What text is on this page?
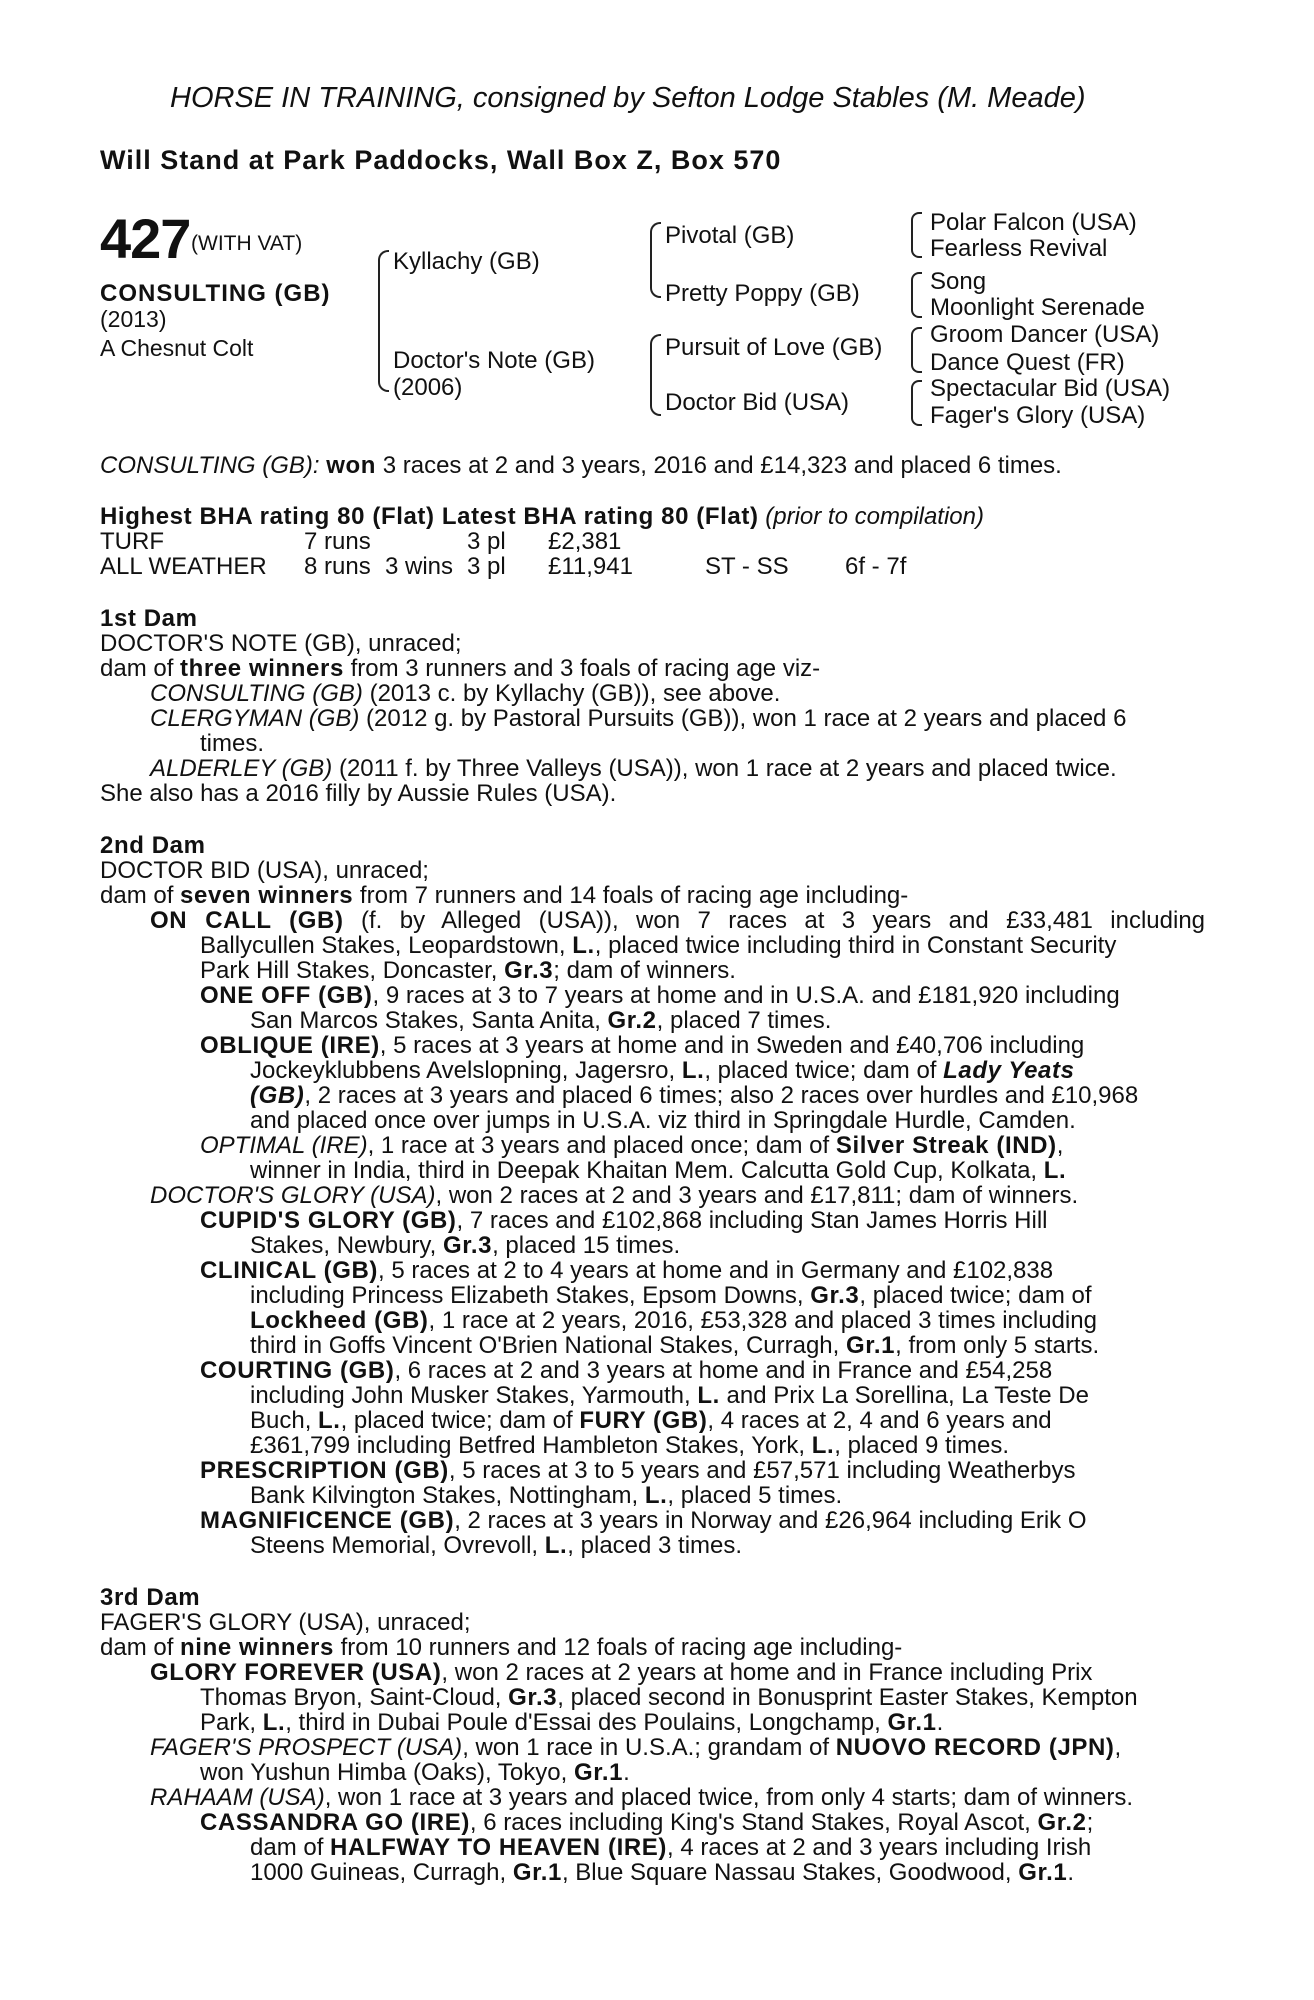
HORSE IN TRAINING, consigned by Sefton Lodge Stables (M. Meade)
Will Stand at Park Paddocks, Wall Box Z, Box 570
427 (WITH VAT)
CONSULTING (GB)
(2013)
A Chesnut Colt
Kyllachy (GB)
Doctor's Note (GB)
(2006)
Pivotal (GB)
Pretty Poppy (GB)
Pursuit of Love (GB)
Doctor Bid (USA)
Polar Falcon (USA)
Fearless Revival
Song
Moonlight Serenade
Groom Dancer (USA)
Dance Quest (FR)
Spectacular Bid (USA)
Fager's Glory (USA)
CONSULTING (GB): won 3 races at 2 and 3 years, 2016 and £14,323 and placed 6 times.
Highest BHA rating 80 (Flat) Latest BHA rating 80 (Flat) (prior to compilation)
TURF	7 runs	3 pl £2,381
ALL WEATHER 8 runs 3 wins 3 pl £11,941	ST - SS 6f - 7f
1st Dam
DOCTOR'S NOTE (GB), unraced;
dam of three winners from 3 runners and 3 foals of racing age viz-
CONSULTING (GB) (2013 c. by Kyllachy (GB)), see above.
CLERGYMAN (GB) (2012 g. by Pastoral Pursuits (GB)), won 1 race at 2 years and placed 6
times.
ALDERLEY (GB) (2011 f. by Three Valleys (USA)), won 1 race at 2 years and placed twice.
She also has a 2016 filly by Aussie Rules (USA).
2nd Dam
DOCTOR BID (USA), unraced;
dam of seven winners from 7 runners and 14 foals of racing age including-
ON CALL (GB) (f. by Alleged (USA)), won 7 races at 3 years and £33,481 including
Ballycullen Stakes, Leopardstown, L., placed twice including third in Constant Security
Park Hill Stakes, Doncaster, Gr.3; dam of winners.
ONE OFF (GB), 9 races at 3 to 7 years at home and in U.S.A. and £181,920 including
San Marcos Stakes, Santa Anita, Gr.2, placed 7 times.
OBLIQUE (IRE), 5 races at 3 years at home and in Sweden and £40,706 including
Jockeyklubbens Avelslopning, Jagersro, L., placed twice; dam of Lady Yeats
(GB), 2 races at 3 years and placed 6 times; also 2 races over hurdles and £10,968
and placed once over jumps in U.S.A. viz third in Springdale Hurdle, Camden.
OPTIMAL (IRE), 1 race at 3 years and placed once; dam of Silver Streak (IND),
winner in India, third in Deepak Khaitan Mem. Calcutta Gold Cup, Kolkata, L.
DOCTOR'S GLORY (USA), won 2 races at 2 and 3 years and £17,811; dam of winners.
CUPID'S GLORY (GB), 7 races and £102,868 including Stan James Horris Hill
Stakes, Newbury, Gr.3, placed 15 times.
CLINICAL (GB), 5 races at 2 to 4 years at home and in Germany and £102,838
including Princess Elizabeth Stakes, Epsom Downs, Gr.3, placed twice; dam of
Lockheed (GB), 1 race at 2 years, 2016, £53,328 and placed 3 times including
third in Goffs Vincent O'Brien National Stakes, Curragh, Gr.1, from only 5 starts.
COURTING (GB), 6 races at 2 and 3 years at home and in France and £54,258
including John Musker Stakes, Yarmouth, L. and Prix La Sorellina, La Teste De
Buch, L., placed twice; dam of FURY (GB), 4 races at 2, 4 and 6 years and
£361,799 including Betfred Hambleton Stakes, York, L., placed 9 times.
PRESCRIPTION (GB), 5 races at 3 to 5 years and £57,571 including Weatherbys
Bank Kilvington Stakes, Nottingham, L., placed 5 times.
MAGNIFICENCE (GB), 2 races at 3 years in Norway and £26,964 including Erik O
Steens Memorial, Ovrevoll, L., placed 3 times.
3rd Dam
FAGER'S GLORY (USA), unraced;
dam of nine winners from 10 runners and 12 foals of racing age including-
GLORY FOREVER (USA), won 2 races at 2 years at home and in France including Prix
Thomas Bryon, Saint-Cloud, Gr.3, placed second in Bonusprint Easter Stakes, Kempton
Park, L., third in Dubai Poule d'Essai des Poulains, Longchamp, Gr.1.
FAGER'S PROSPECT (USA), won 1 race in U.S.A.; grandam of NUOVO RECORD (JPN),
won Yushun Himba (Oaks), Tokyo, Gr.1.
RAHAAM (USA), won 1 race at 3 years and placed twice, from only 4 starts; dam of winners.
CASSANDRA GO (IRE), 6 races including King's Stand Stakes, Royal Ascot, Gr.2;
dam of HALFWAY TO HEAVEN (IRE), 4 races at 2 and 3 years including Irish
1000 Guineas, Curragh, Gr.1, Blue Square Nassau Stakes, Goodwood, Gr.1.
